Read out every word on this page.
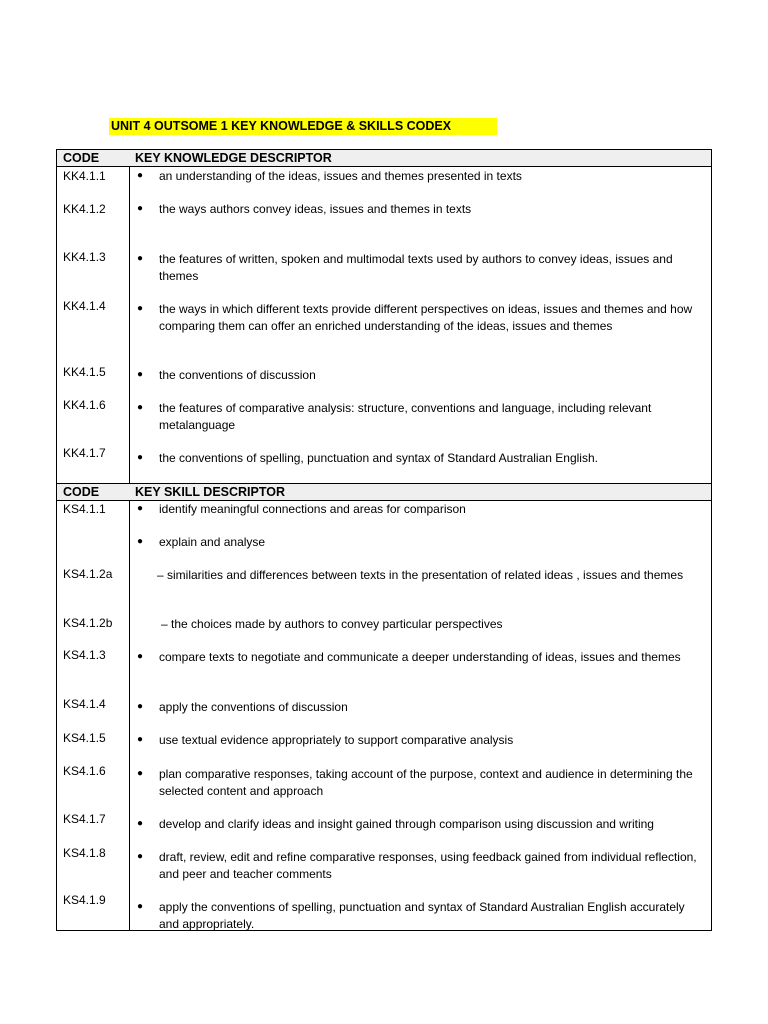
UNIT 4 OUTSOME 1 KEY KNOWLEDGE & SKILLS CODEX
CODE	KEY KNOWLEDGE DESCRIPTOR
KK4.1.1	● an understanding of the ideas, issues and themes presented in texts
KK4.1.2	● the ways authors convey ideas, issues and themes in texts
KK4.1.3	● the features of written, spoken and multimodal texts used by authors to convey ideas, issues and themes
KK4.1.4	● the ways in which different texts provide different perspectives on ideas, issues and themes and how comparing them can offer an enriched understanding of the ideas, issues and themes
KK4.1.5	● the conventions of discussion
KK4.1.6	● the features of comparative analysis: structure, conventions and language, including relevant metalanguage
KK4.1.7	● the conventions of spelling, punctuation and syntax of Standard Australian English.
CODE	KEY SKILL DESCRIPTOR
KS4.1.1	● identify meaningful connections and areas for comparison
● explain and analyse
KS4.1.2a	– similarities and differences between texts in the presentation of related ideas , issues and themes
KS4.1.2b	– the choices made by authors to convey particular perspectives
KS4.1.3	● compare texts to negotiate and communicate a deeper understanding of ideas, issues and themes
KS4.1.4	● apply the conventions of discussion
KS4.1.5	● use textual evidence appropriately to support comparative analysis
KS4.1.6	● plan comparative responses, taking account of the purpose, context and audience in determining the selected content and approach
KS4.1.7	● develop and clarify ideas and insight gained through comparison using discussion and writing
KS4.1.8	● draft, review, edit and refine comparative responses, using feedback gained from individual reflection, and peer and teacher comments
KS4.1.9	● apply the conventions of spelling, punctuation and syntax of Standard Australian English accurately and appropriately.
